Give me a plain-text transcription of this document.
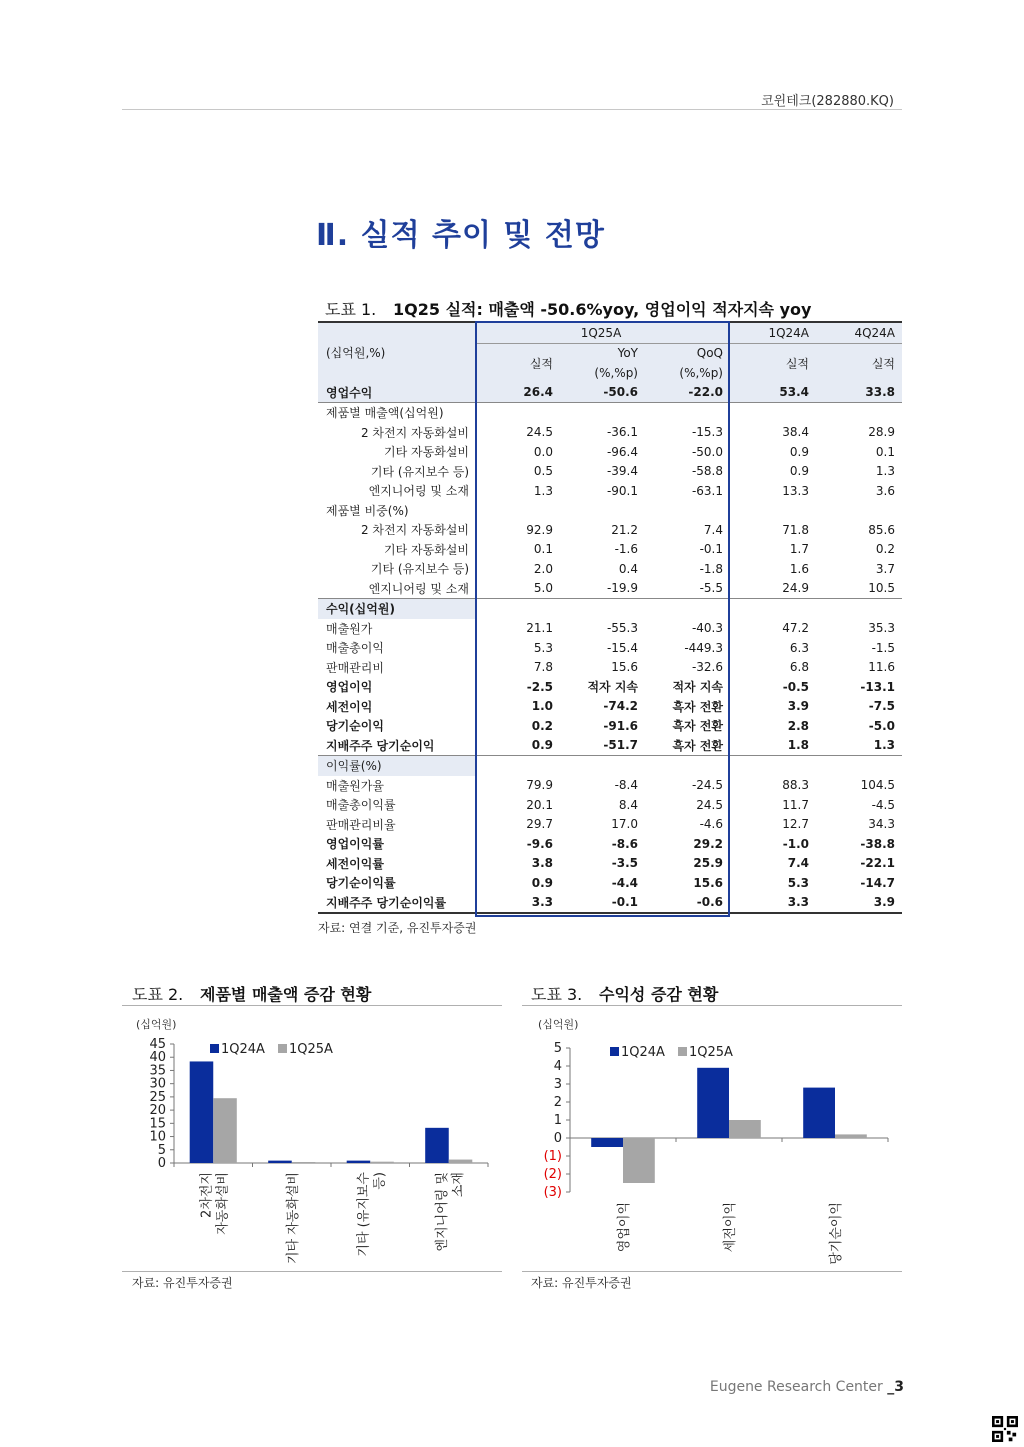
코윈테크(282880.KQ)
Ⅱ. 실적 추이 및 전망
도표 1. 1Q25 실적: 매출액 -50.6%yoy, 영업이익 적자지속 yoy
(십억원,%)	1Q25A			1Q24A	4Q24A
	실적	YoY	QoQ	실적	실적
		(%,%p)	(%,%p)		
영업수익	26.4	-50.6	-22.0	53.4	33.8
제품별 매출액(십억원)					
2 차전지 자동화설비	24.5	-36.1	-15.3	38.4	28.9
기타 자동화설비	0.0	-96.4	-50.0	0.9	0.1
기타 (유지보수 등)	0.5	-39.4	-58.8	0.9	1.3
엔지니어링 및 소재	1.3	-90.1	-63.1	13.3	3.6
제품별 비중(%)					
2 차전지 자동화설비	92.9	21.2	7.4	71.8	85.6
기타 자동화설비	0.1	-1.6	-0.1	1.7	0.2
기타 (유지보수 등)	2.0	0.4	-1.8	1.6	3.7
엔지니어링 및 소재	5.0	-19.9	-5.5	24.9	10.5
수익(십억원)					
매출원가	21.1	-55.3	-40.3	47.2	35.3
매출총이익	5.3	-15.4	-449.3	6.3	-1.5
판매관리비	7.8	15.6	-32.6	6.8	11.6
영업이익	-2.5	적자 지속	적자 지속	-0.5	-13.1
세전이익	1.0	-74.2	흑자 전환	3.9	-7.5
당기순이익	0.2	-91.6	흑자 전환	2.8	-5.0
지배주주 당기순이익	0.9	-51.7	흑자 전환	1.8	1.3
이익률(%)					
매출원가율	79.9	-8.4	-24.5	88.3	104.5
매출총이익률	20.1	8.4	24.5	11.7	-4.5
판매관리비율	29.7	17.0	-4.6	12.7	34.3
영업이익률	-9.6	-8.6	29.2	-1.0	-38.8
세전이익률	3.8	-3.5	25.9	7.4	-22.1
당기순이익률	0.9	-4.4	15.6	5.3	-14.7
지배주주 당기순이익률	3.3	-0.1	-0.6	3.3	3.9
자료: 연결 기준, 유진투자증권
도표 2. 제품별 매출액 증감 현황
(십억원)
0
5
10
15
20
25
30
35
40
45
2차전지자동화설비	기타 자동화설비	기타 (유지보수등)	엔지니어링 및소재
1Q24A 1Q25A
자료: 유진투자증권
도표 3. 수익성 증감 현황
(십억원)
(3)
(2)
(1)
0
1
2
3
4
5
영업이익	세전이익	당기순이익
1Q24A 1Q25A
자료: 유진투자증권
Eugene Research Center _3
